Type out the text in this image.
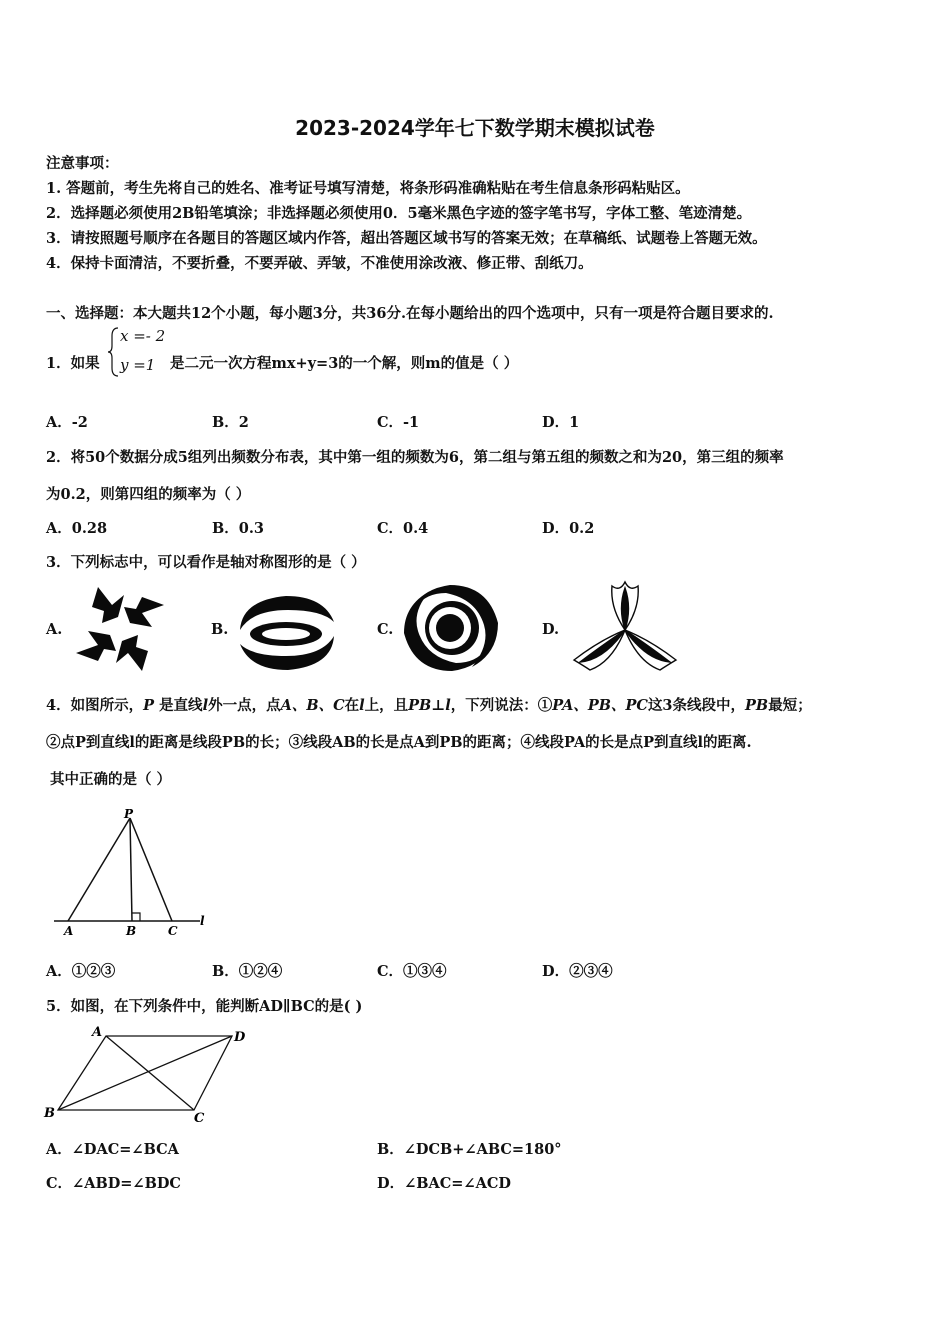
2023-2024学年七下数学期末模拟试卷
注意事项：
1. 答题前，考生先将自己的姓名、准考证号填写清楚，将条形码准确粘贴在考生信息条形码粘贴区。
2．选择题必须使用2B铅笔填涂；非选择题必须使用0．5毫米黑色字迹的签字笔书写，字体工整、笔迹清楚。
3．请按照题号顺序在各题目的答题区域内作答，超出答题区域书写的答案无效；在草稿纸、试题卷上答题无效。
4．保持卡面清洁，不要折叠，不要弄破、弄皱，不准使用涂改液、修正带、刮纸刀。
一、选择题：本大题共12个小题，每小题3分，共36分.在每小题给出的四个选项中，只有一项是符合题目要求的.
1．如果
x =- 2
y =1 是二元一次方程mx+y=3的一个解，则m的值是（ ）
A．-2	B．2	C．-1	D．1
2．将50个数据分成5组列出频数分布表，其中第一组的频数为6，第二组与第五组的频数之和为20，第三组的频率
为0.2，则第四组的频率为（ ）
A．0.28	B．0.3	C．0.4	D．0.2
3．下列标志中，可以看作是轴对称图形的是（ ）
A.	B.	C.	D.
4．如图所示，P 是直线l外一点，点A、B、C在l上，且PB⊥l，下列说法：①PA、PB、PC这3条线段中，PB最短；
②点P到直线l的距离是线段PB的长；③线段AB的长是点A到PB的距离；④线段PA的长是点P到直线l的距离.
其中正确的是（ ）
P
A	B	C
l
A．①②③	B．①②④	C．①③④	D．②③④
5．如图，在下列条件中，能判断AD∥BC的是( )
A	D
B	C
A．∠DAC=∠BCA	B．∠DCB+∠ABC=180°
C．∠ABD=∠BDC	D．∠BAC=∠ACD
